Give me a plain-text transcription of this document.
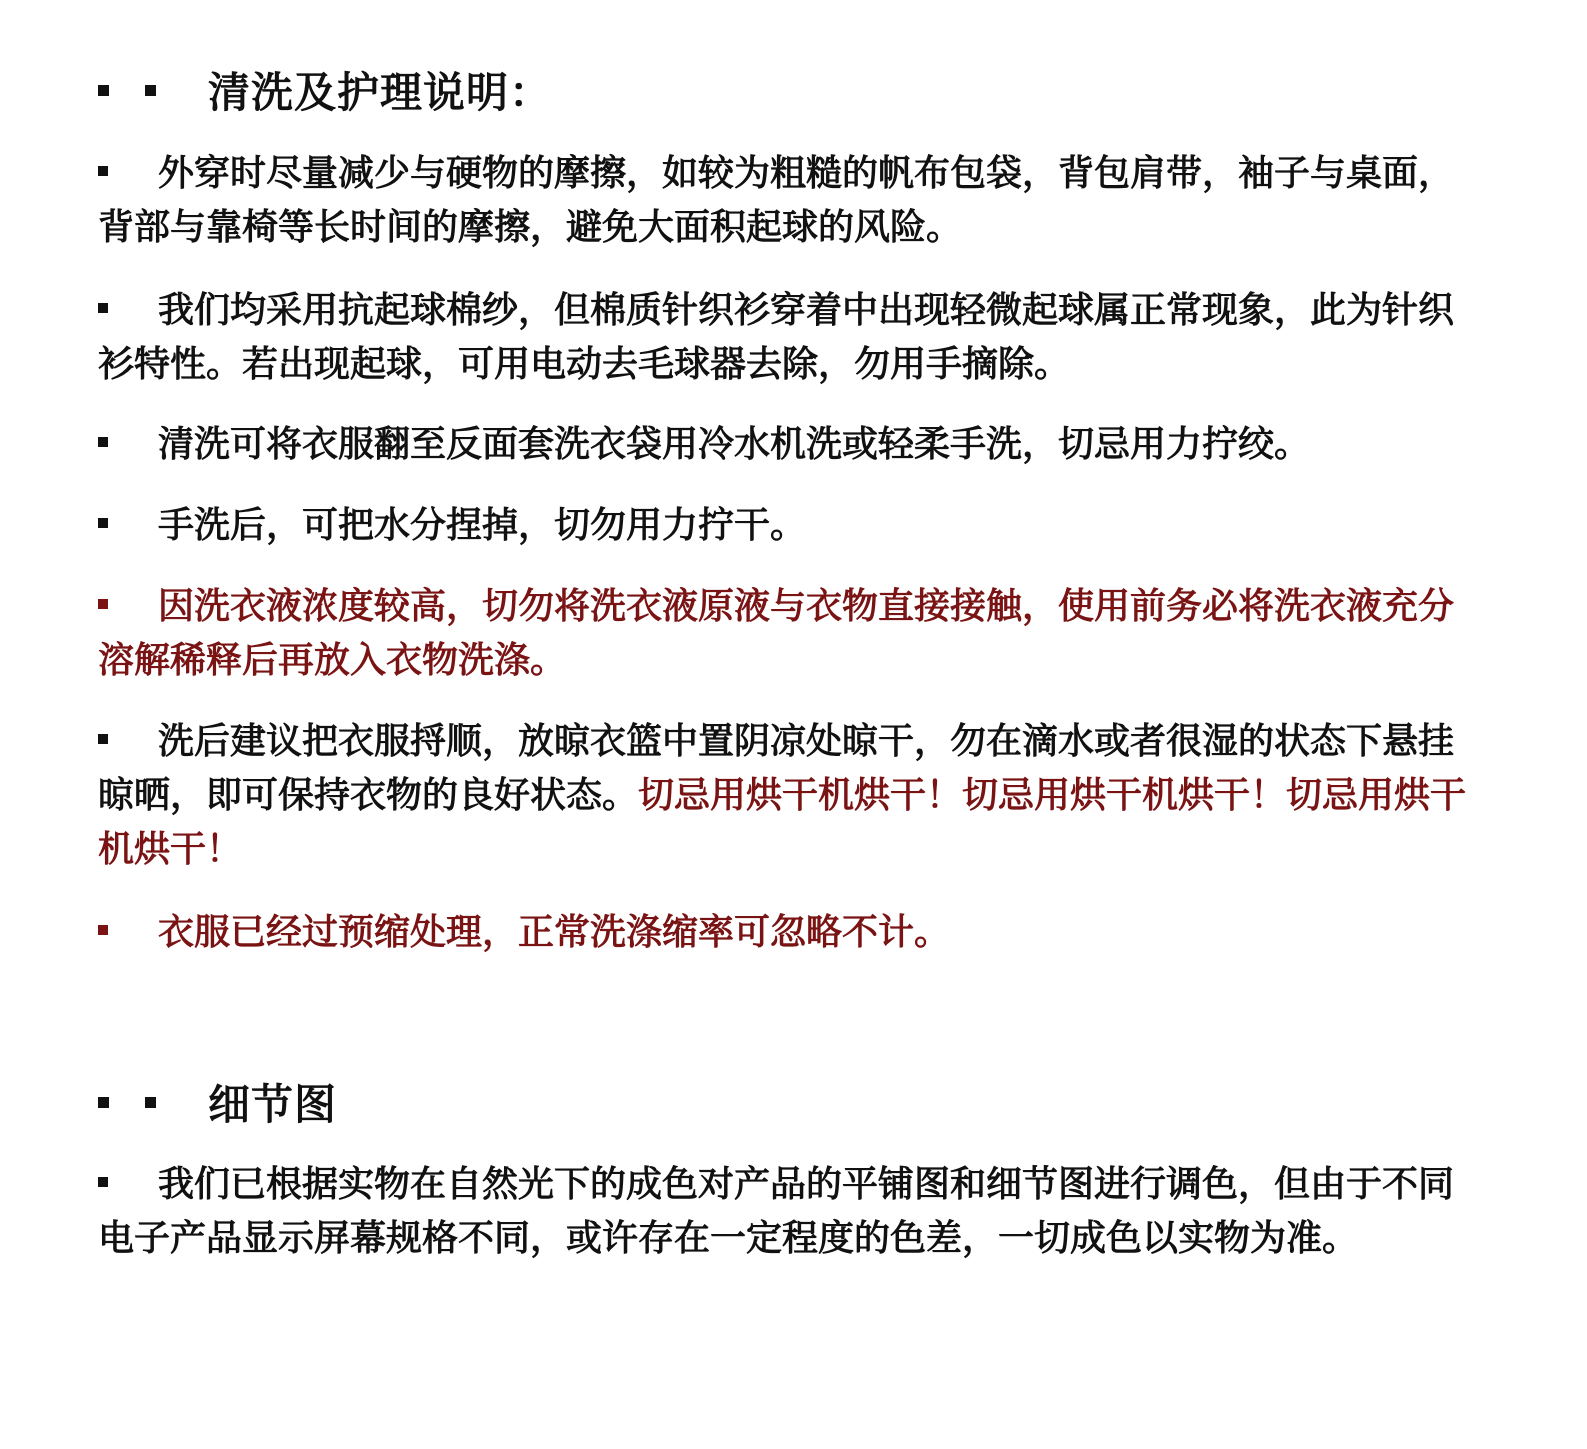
清洗及护理说明：

外穿时尽量减少与硬物的摩擦，如较为粗糙的帆布包袋，背包肩带，袖子与桌面，背部与靠椅等长时间的摩擦，避免大面积起球的风险。

我们均采用抗起球棉纱，但棉质针织衫穿着中出现轻微起球属正常现象，此为针织衫特性。若出现起球，可用电动去毛球器去除，勿用手摘除。

清洗可将衣服翻至反面套洗衣袋用冷水机洗或轻柔手洗，切忌用力拧绞。

手洗后，可把水分捏掉，切勿用力拧干。

因洗衣液浓度较高，切勿将洗衣液原液与衣物直接接触，使用前务必将洗衣液充分溶解稀释后再放入衣物洗涤。

洗后建议把衣服捋顺，放晾衣篮中置阴凉处晾干，勿在滴水或者很湿的状态下悬挂晾晒，即可保持衣物的良好状态。切忌用烘干机烘干！切忌用烘干机烘干！切忌用烘干机烘干！

衣服已经过预缩处理，正常洗涤缩率可忽略不计。

细节图

我们已根据实物在自然光下的成色对产品的平铺图和细节图进行调色，但由于不同电子产品显示屏幕规格不同，或许存在一定程度的色差，一切成色以实物为准。
